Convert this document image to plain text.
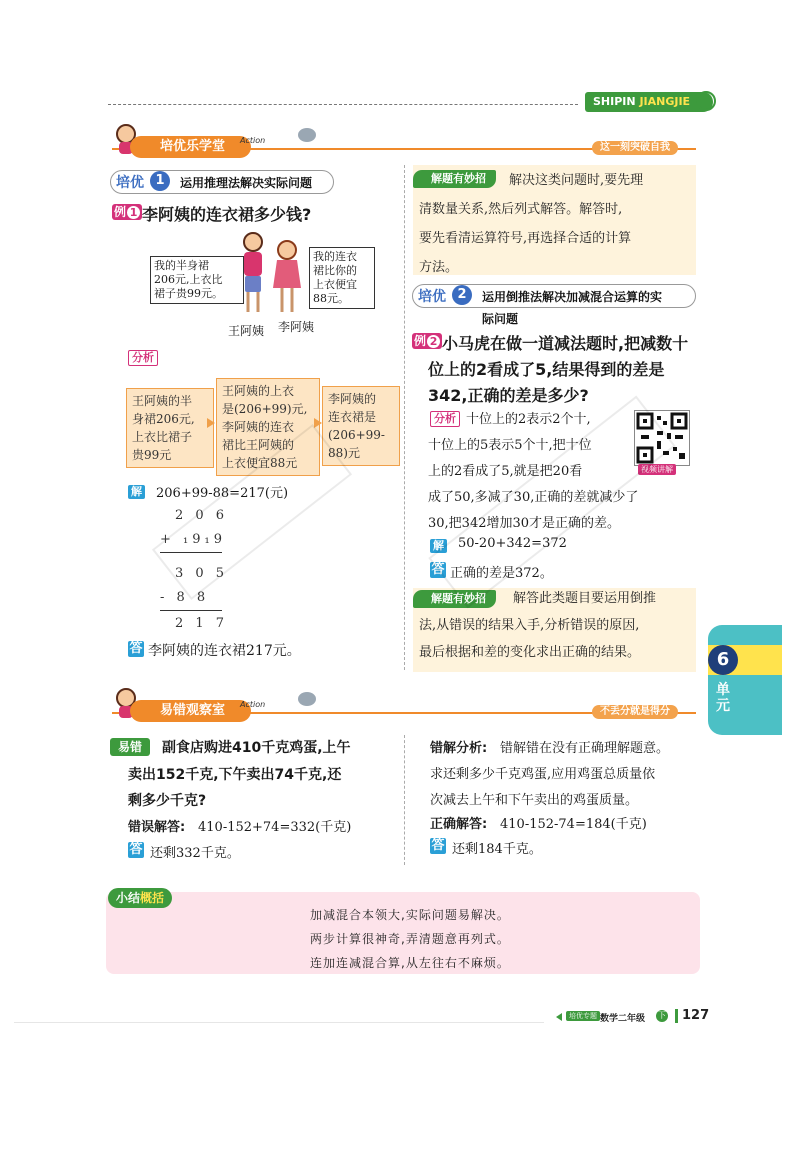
SHIPIN JIANGJIE
培优乐学堂	Action
这一刻突破自我
培优 1	运用推理法解决实际问题
例 1 李阿姨的连衣裙多少钱?
我的半身裙
206元,上衣比
裙子贵99元。
我的连衣
裙比你的
上衣便宜
88元。
王阿姨 李阿姨
分析
王阿姨的半
身裙206元,
上衣比裙子
贵99元
王阿姨的上衣
是(206+99)元,
李阿姨的连衣
裙比王阿姨的
上衣便宜88元
李阿姨的
连衣裙是
(206+99-
88)元
解 206+99-88=217(元)
2 0 6
+ ₁9₁9
3 0 5
- 8 8
2 1 7
答 李阿姨的连衣裙217元。
解题有妙招	解决这类问题时,要先理
清数量关系,然后列式解答。解答时,
要先看清运算符号,再选择合适的计算
方法。
培优 2	运用倒推法解决加减混合运算的实
际问题
例 2 小马虎在做一道减法题时,把减数十
位上的2看成了5,结果得到的差是
342,正确的差是多少?
分析 十位上的2表示2个十,
十位上的5表示5个十,把十位
上的2看成了5,就是把20看
成了50,多减了30,正确的差就减少了
30,把342增加30才是正确的差。
视频讲解
解 50-20+342=372
答 正确的差是372。
解题有妙招	解答此类题目要运用倒推
法,从错误的结果入手,分析错误的原因,
最后根据和差的变化求出正确的结果。	6
单元
易错观察室	Action
不丢分就是得分
易错	副食店购进410千克鸡蛋,上午
卖出152千克,下午卖出74千克,还
剩多少千克?
错误解答: 410-152+74=332(千克)
答 还剩332千克。
错解分析: 错解错在没有正确理解题意。
求还剩多少千克鸡蛋,应用鸡蛋总质量依
次减去上午和下午卖出的鸡蛋质量。
正确解答: 410-152-74=184(千克)
答 还剩184千克。
小结概括
加减混合本领大,实际问题易解决。
两步计算很神奇,弄清题意再列式。
连加连减混合算,从左往右不麻烦。
培优专题 数学二年级 下 127
